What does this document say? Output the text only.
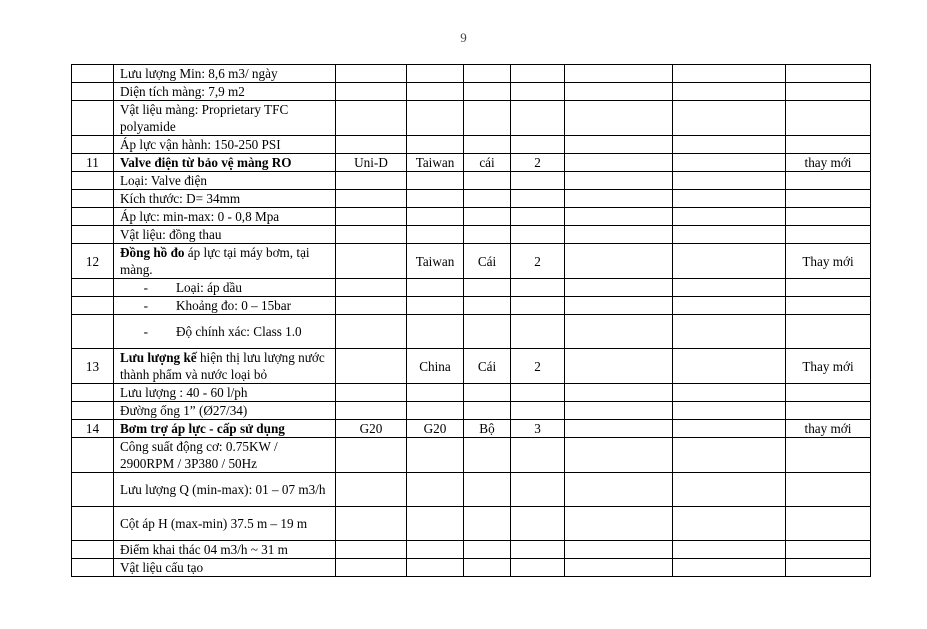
9
	Lưu lượng Min: 8,6 m3/ ngày							
	Diện tích màng: 7,9 m2							
	Vật liệu màng: Proprietary TFC polyamide							
	Áp lực vận hành: 150-250 PSI							
11	Valve điện từ bảo vệ màng RO	Uni-D	Taiwan	cái	2			thay mới
	Loại: Valve điện							
	Kích thước: D= 34mm							
	Áp lực: min-max: 0 - 0,8 Mpa							
	Vật liệu: đồng thau							
12	Đồng hồ đo áp lực tại máy bơm, tại màng.		Taiwan	Cái	2			Thay mới
	- Loại: áp dầu							
	- Khoảng đo: 0 – 15bar							
	- Độ chính xác: Class 1.0							
13	Lưu lượng kế hiện thị lưu lượng nước thành phẩm và nước loại bỏ		China	Cái	2			Thay mới
	Lưu lượng : 40 - 60 l/ph							
	Đường ống 1” (Ø27/34)							
14	Bơm trợ áp lực - cấp sử dụng	G20	G20	Bộ	3			thay mới
	Công suất động cơ: 0.75KW / 2900RPM / 3P380 / 50Hz							
	Lưu lượng Q (min-max): 01 – 07 m3/h							
	Cột áp H (max-min) 37.5 m – 19 m							
	Điểm khai thác 04 m3/h ~ 31 m							
	Vật liệu cấu tạo							
